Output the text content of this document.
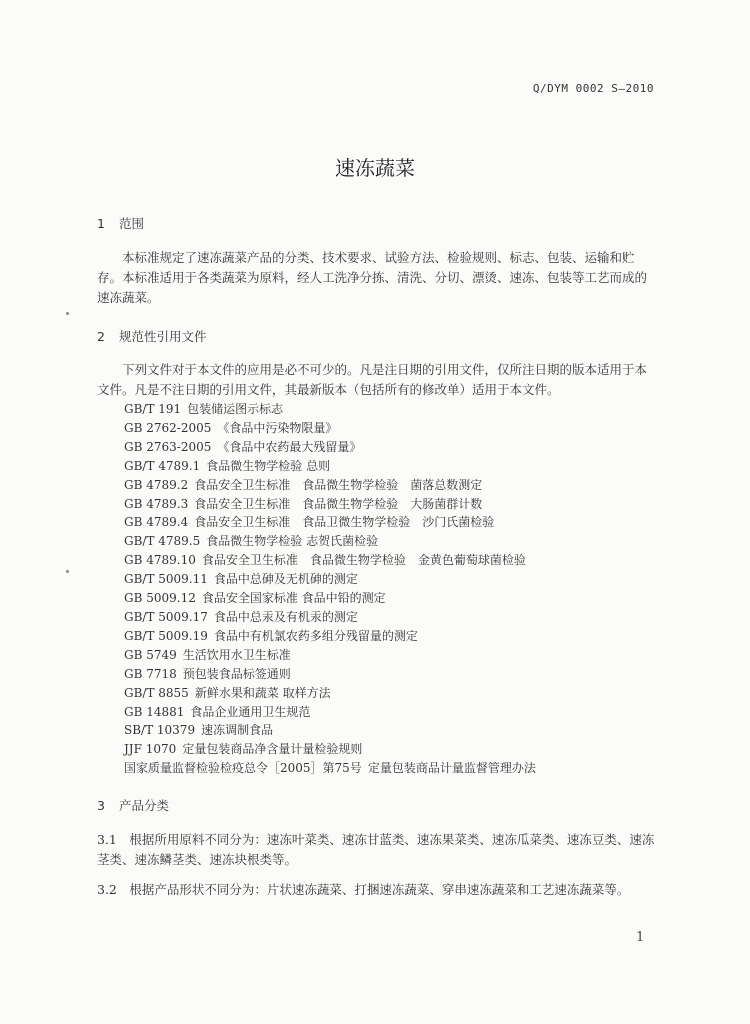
Q/DYM 0002 S—2010
速冻蔬菜
1 范围
本标准规定了速冻蔬菜产品的分类、技术要求、试验方法、检验规则、标志、包装、运输和贮存。 本标准适用于各类蔬菜为原料，经人工洗净分拣、清洗、分切、漂烫、速冻、包装等工艺而成的速冻蔬菜。
2 规范性引用文件
下列文件对于本文件的应用是必不可少的。凡是注日期的引用文件，仅所注日期的版本适用于本文件。凡是不注日期的引用文件，其最新版本（包括所有的修改单）适用于本文件。
GB/T 191 包装储运图示标志
GB 2762-2005 《食品中污染物限量》
GB 2763-2005 《食品中农药最大残留量》
GB/T 4789.1 食品微生物学检验 总则
GB 4789.2 食品安全卫生标准　食品微生物学检验　菌落总数测定
GB 4789.3 食品安全卫生标准　食品微生物学检验　大肠菌群计数
GB 4789.4 食品安全卫生标准　食品卫微生物学检验　沙门氏菌检验
GB/T 4789.5 食品微生物学检验 志贺氏菌检验
GB 4789.10 食品安全卫生标准　食品微生物学检验　金黄色葡萄球菌检验
GB/T 5009.11 食品中总砷及无机砷的测定
GB 5009.12 食品安全国家标准 食品中铅的测定
GB/T 5009.17 食品中总汞及有机汞的测定
GB/T 5009.19 食品中有机氯农药多组分残留量的测定
GB 5749 生活饮用水卫生标准
GB 7718 预包装食品标签通则
GB/T 8855 新鲜水果和蔬菜 取样方法
GB 14881 食品企业通用卫生规范
SB/T 10379 速冻调制食品
JJF 1070 定量包装商品净含量计量检验规则
国家质量监督检验检疫总令［2005］第75号 定量包装商品计量监督管理办法
3 产品分类
3.1　 根据所用原料不同分为：速冻叶菜类、速冻甘蓝类、速冻果菜类、速冻瓜菜类、速冻豆类、速冻茎类、速冻鳞茎类、速冻块根类等。
3.2　 根据产品形状不同分为：片状速冻蔬菜、打捆速冻蔬菜、穿串速冻蔬菜和工艺速冻蔬菜等。
1
